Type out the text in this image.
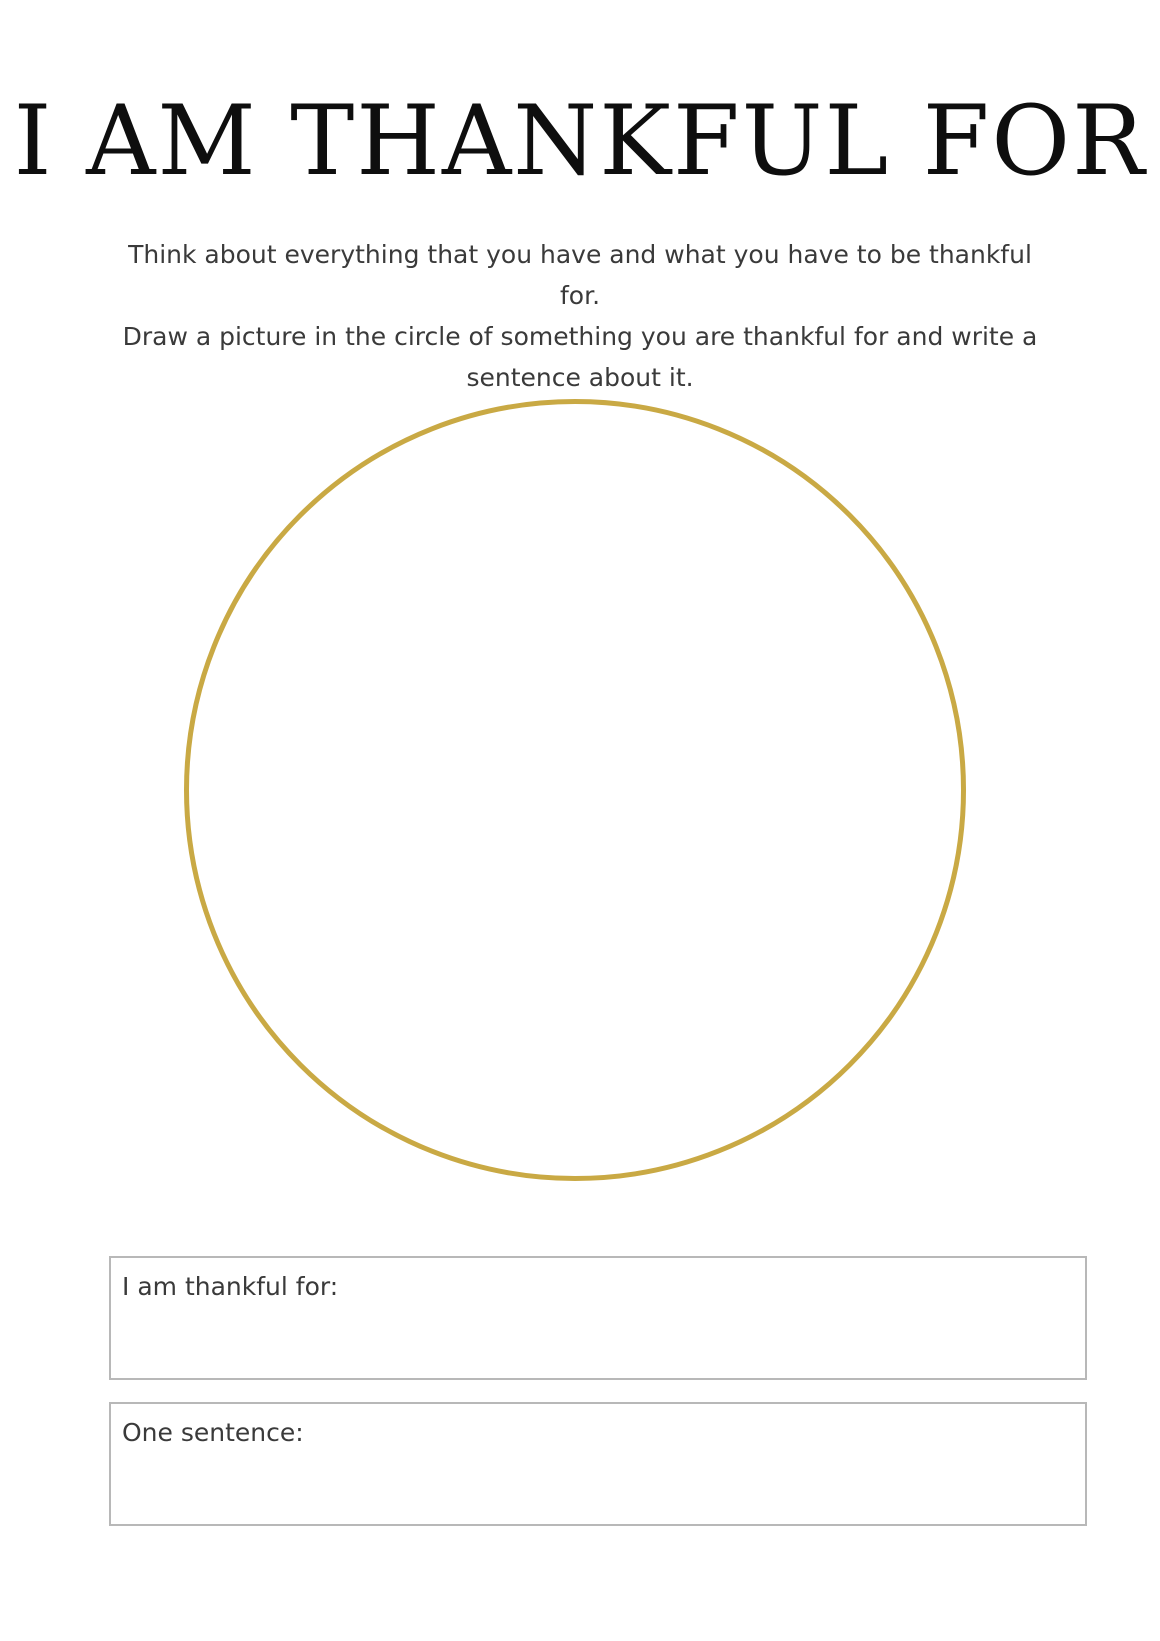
I AM THANKFUL FOR
Think about everything that you have and what you have to be thankful for.
Draw a picture in the circle of something you are thankful for and write a
sentence about it.
I am thankful for:
One sentence:
